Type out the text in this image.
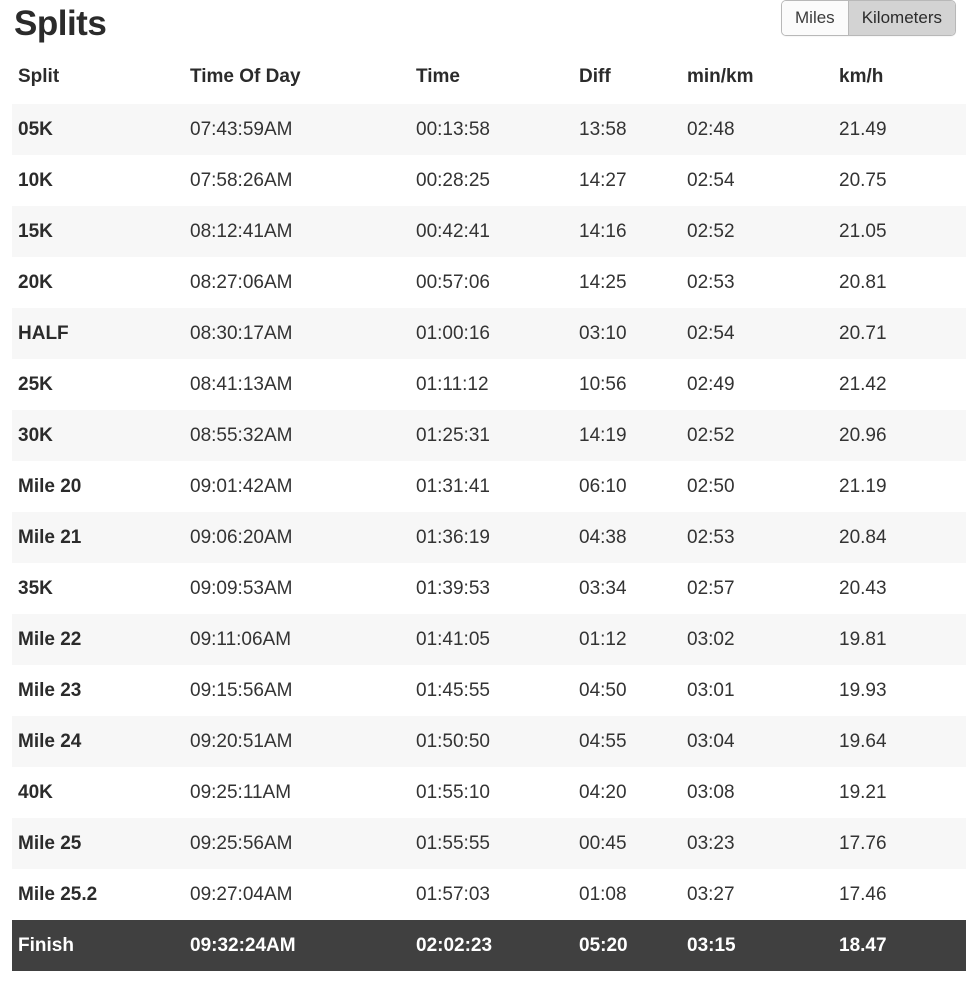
Splits	Miles	Kilometers
Split	Time Of Day	Time	Diff	min/km	km/h
05K	07:43:59AM	00:13:58	13:58	02:48	21.49
10K	07:58:26AM	00:28:25	14:27	02:54	20.75
15K	08:12:41AM	00:42:41	14:16	02:52	21.05
20K	08:27:06AM	00:57:06	14:25	02:53	20.81
HALF	08:30:17AM	01:00:16	03:10	02:54	20.71
25K	08:41:13AM	01:11:12	10:56	02:49	21.42
30K	08:55:32AM	01:25:31	14:19	02:52	20.96
Mile 20	09:01:42AM	01:31:41	06:10	02:50	21.19
Mile 21	09:06:20AM	01:36:19	04:38	02:53	20.84
35K	09:09:53AM	01:39:53	03:34	02:57	20.43
Mile 22	09:11:06AM	01:41:05	01:12	03:02	19.81
Mile 23	09:15:56AM	01:45:55	04:50	03:01	19.93
Mile 24	09:20:51AM	01:50:50	04:55	03:04	19.64
40K	09:25:11AM	01:55:10	04:20	03:08	19.21
Mile 25	09:25:56AM	01:55:55	00:45	03:23	17.76
Mile 25.2	09:27:04AM	01:57:03	01:08	03:27	17.46
Finish	09:32:24AM	02:02:23	05:20	03:15	18.47
